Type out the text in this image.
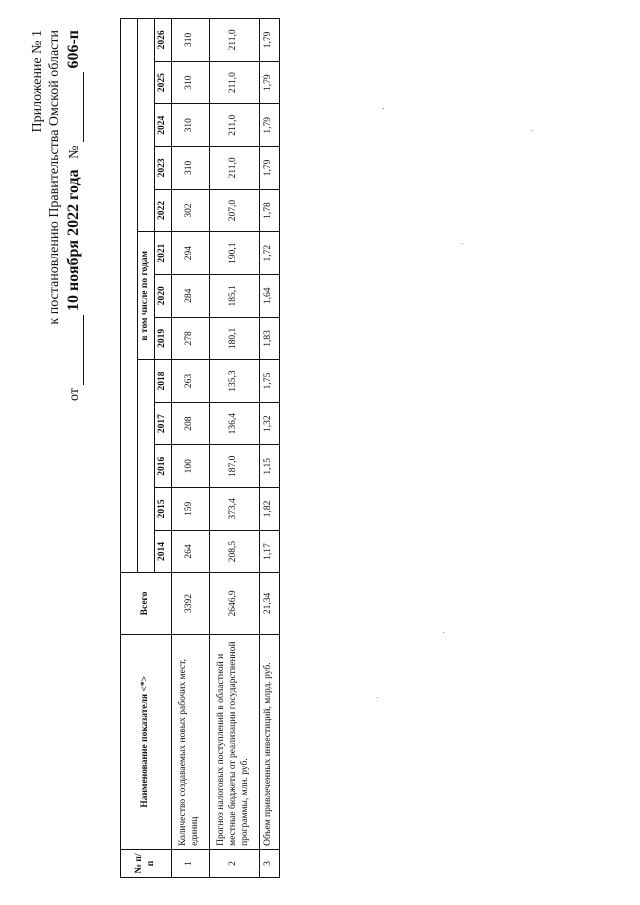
Приложение № 1 к постановлению Правительства Омской области
от   10 ноября 2022 года   №   606-п
№ п/п	Наименование показателя <*>	Всего													
								в том числе по годам							
			2014	2015	2016	2017	2018	2019	2020	2021	2022	2023	2024	2025	2026
1	Количество создаваемых новых рабочих мест, единиц	3392	264	159	100	208	263	278	284	294	302	310	310	310	310
2	Прогноз налоговых поступлений в областной и местные бюджеты от реализации государственной программы, млн. руб.	2646,9	208,5	373,4	187,0	136,4	135,3	180,1	185,1	190,1	207,0	211,0	211,0	211,0	211,0
3	Объем привлеченных инвестиций, млрд. руб.	21,34	1,17	1,82	1,15	1,32	1,75	1,83	1,64	1,72	1,78	1,79	1,79	1,79	1,79
